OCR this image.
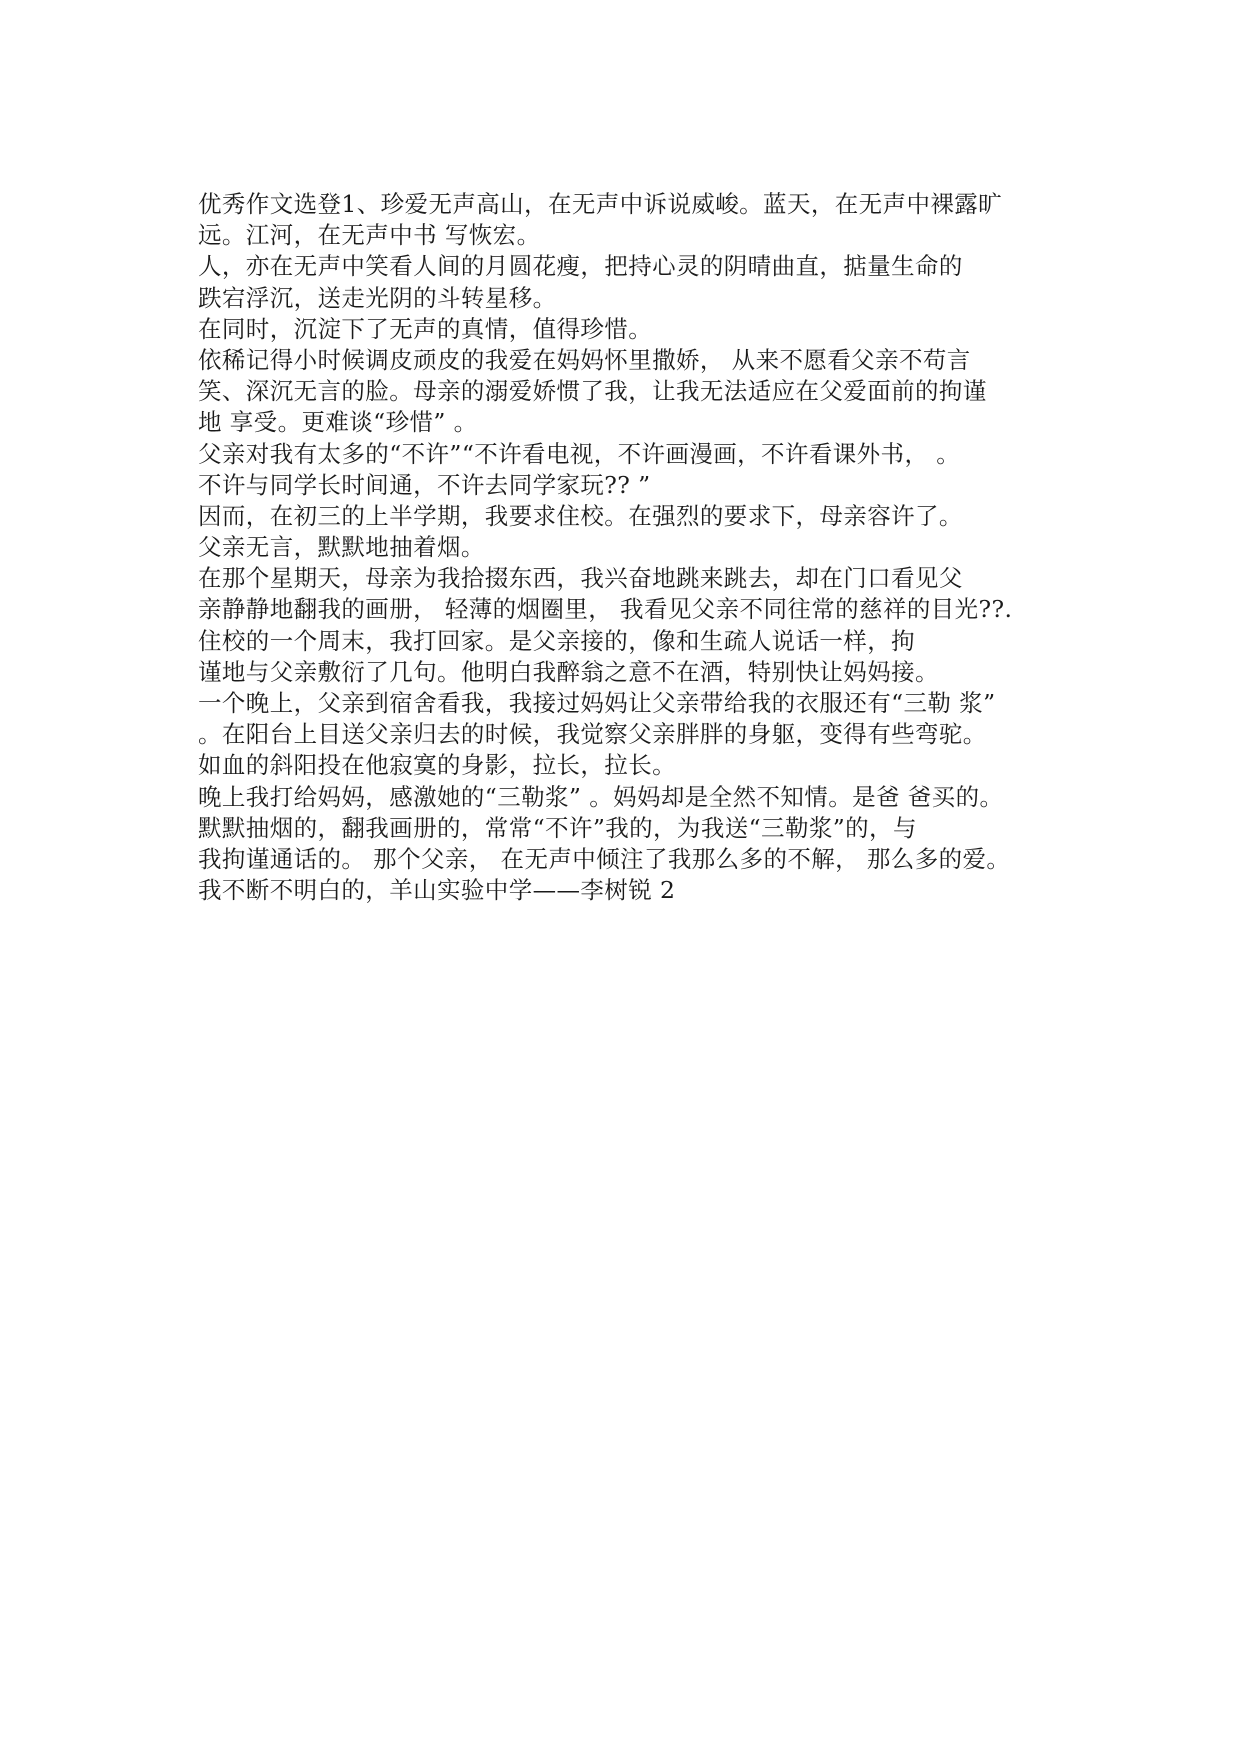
优秀作文选登1、珍爱无声高山，在无声中诉说威峻。蓝天，在无声中裸露旷
远。江河，在无声中书 写恢宏。
人，亦在无声中笑看人间的月圆花瘦，把持心灵的阴晴曲直，掂量生命的
跌宕浮沉，送走光阴的斗转星移。
在同时，沉淀下了无声的真情，值得珍惜。
依稀记得小时候调皮顽皮的我爱在妈妈怀里撒娇， 从来不愿看父亲不苟言
笑、深沉无言的脸。母亲的溺爱娇惯了我，让我无法适应在父爱面前的拘谨
地 享受。更难谈“珍惜” 。
父亲对我有太多的“不许”“不许看电视，不许画漫画，不许看课外书， 。
不许与同学长时间通，不许去同学家玩?? ”
因而，在初三的上半学期，我要求住校。在强烈的要求下，母亲容许了。
父亲无言，默默地抽着烟。
在那个星期天，母亲为我拾掇东西，我兴奋地跳来跳去，却在门口看见父
亲静静地翻我的画册， 轻薄的烟圈里， 我看见父亲不同往常的慈祥的目光??.
住校的一个周末，我打回家。是父亲接的，像和生疏人说话一样，拘
谨地与父亲敷衍了几句。他明白我醉翁之意不在酒，特别快让妈妈接。
一个晚上，父亲到宿舍看我，我接过妈妈让父亲带给我的衣服还有“三勒 浆”
。在阳台上目送父亲归去的时候，我觉察父亲胖胖的身躯，变得有些弯驼。
如血的斜阳投在他寂寞的身影，拉长，拉长。
晚上我打给妈妈，感激她的“三勒浆” 。妈妈却是全然不知情。是爸 爸买的。
默默抽烟的，翻我画册的，常常“不许”我的，为我送“三勒浆”的，与
我拘谨通话的。 那个父亲， 在无声中倾注了我那么多的不解， 那么多的爱。
我不断不明白的，羊山实验中学——李树锐 2
